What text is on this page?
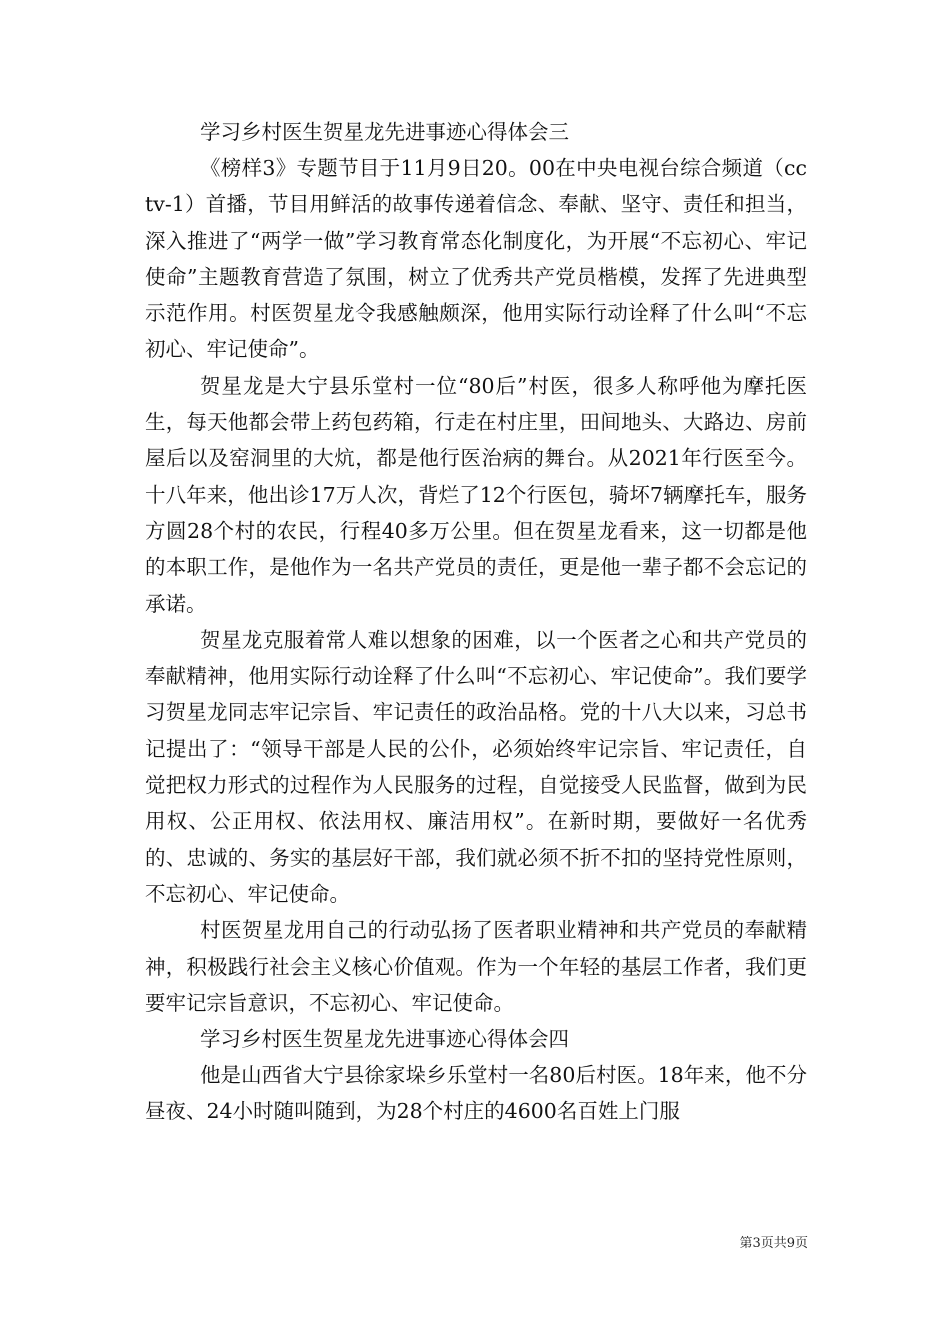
学习乡村医生贺星龙先进事迹心得体会三

《榜样3》专题节目于11月9日20。00在中央电视台综合频道（cctv-1）首播，节目用鲜活的故事传递着信念、奉献、坚守、责任和担当，深入推进了“两学一做”学习教育常态化制度化，为开展“不忘初心、牢记使命”主题教育营造了氛围，树立了优秀共产党员楷模，发挥了先进典型示范作用。村医贺星龙令我感触颇深，他用实际行动诠释了什么叫“不忘初心、牢记使命”。

贺星龙是大宁县乐堂村一位“80后”村医，很多人称呼他为摩托医生，每天他都会带上药包药箱，行走在村庄里，田间地头、大路边、房前屋后以及窑洞里的大炕，都是他行医治病的舞台。从2021年行医至今。十八年来，他出诊17万人次，背烂了12个行医包，骑坏7辆摩托车，服务方圆28个村的农民，行程40多万公里。但在贺星龙看来，这一切都是他的本职工作，是他作为一名共产党员的责任，更是他一辈子都不会忘记的承诺。

贺星龙克服着常人难以想象的困难，以一个医者之心和共产党员的奉献精神，他用实际行动诠释了什么叫“不忘初心、牢记使命”。我们要学习贺星龙同志牢记宗旨、牢记责任的政治品格。党的十八大以来，习总书记提出了：“领导干部是人民的公仆，必须始终牢记宗旨、牢记责任，自觉把权力形式的过程作为人民服务的过程，自觉接受人民监督，做到为民用权、公正用权、依法用权、廉洁用权”。在新时期，要做好一名优秀的、忠诚的、务实的基层好干部，我们就必须不折不扣的坚持党性原则，不忘初心、牢记使命。

村医贺星龙用自己的行动弘扬了医者职业精神和共产党员的奉献精神，积极践行社会主义核心价值观。作为一个年轻的基层工作者，我们更要牢记宗旨意识，不忘初心、牢记使命。

学习乡村医生贺星龙先进事迹心得体会四

他是山西省大宁县徐家垛乡乐堂村一名80后村医。18年来，他不分昼夜、24小时随叫随到，为28个村庄的4600名百姓上门服

第3页共9页
